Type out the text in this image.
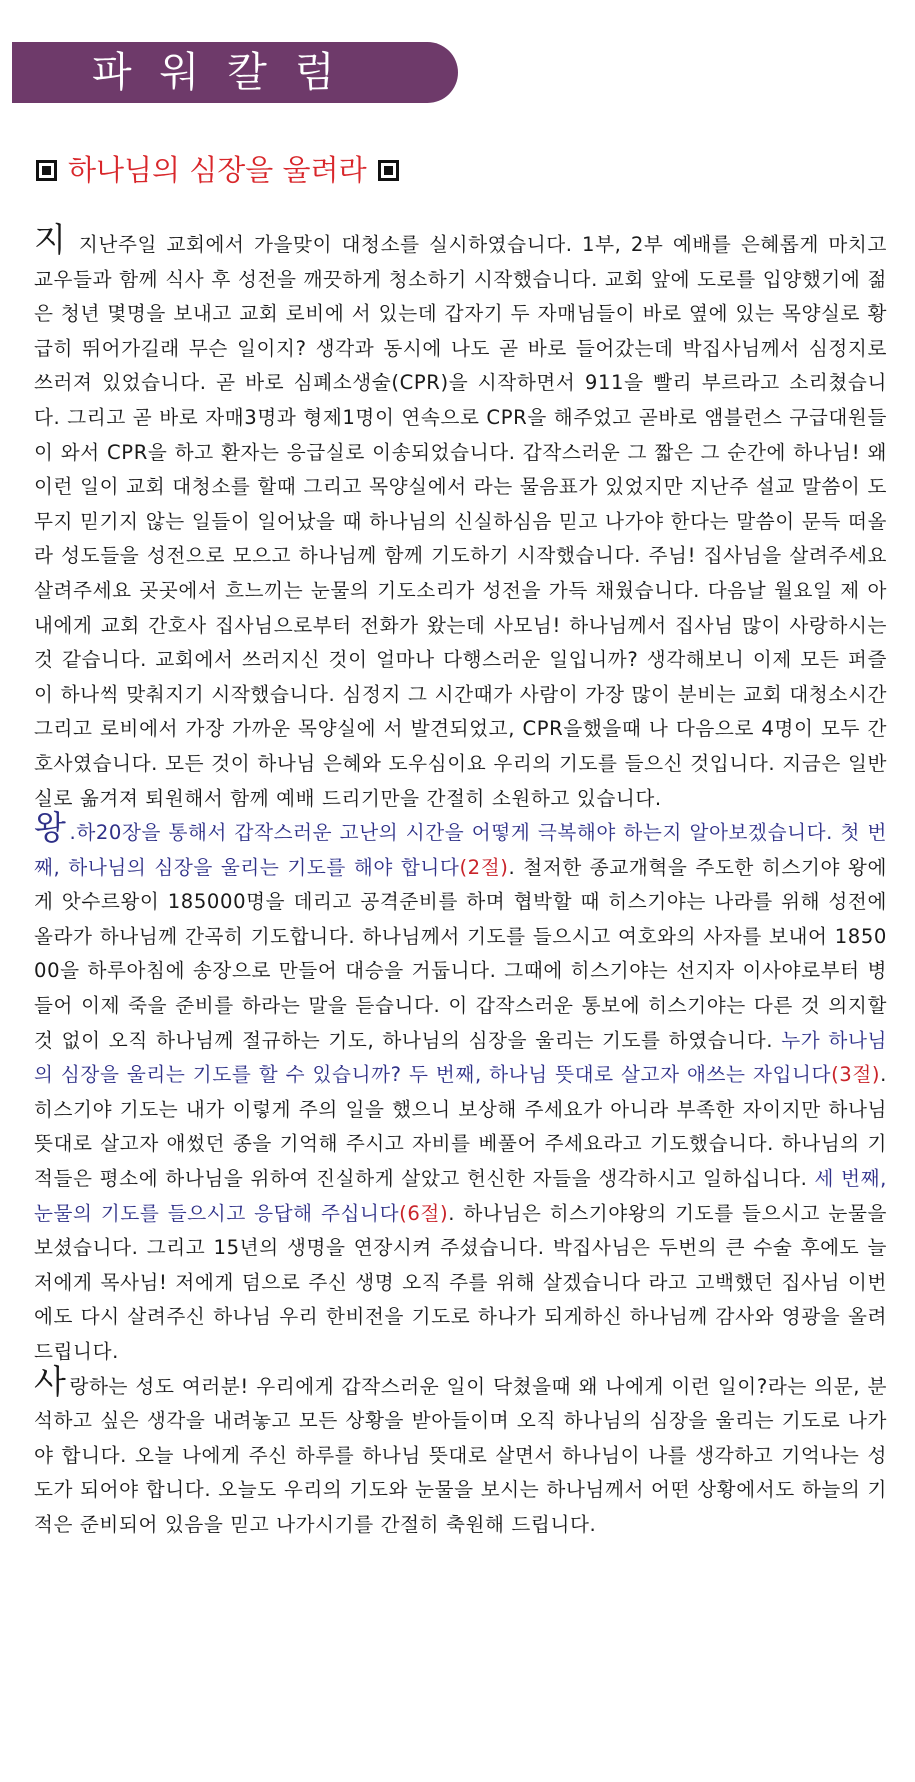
파워칼럼
하나님의 심장을 울려라

지 지난주일 교회에서 가을맞이 대청소를 실시하였습니다. 1부, 2부 예배를 은혜롭게 마치고 교우들과 함께 식사 후 성전을 깨끗하게 청소하기 시작했습니다. 교회 앞에 도로를 입양했기에 젊은 청년 몇명을 보내고 교회 로비에 서 있는데 갑자기 두 자매님들이 바로 옆에 있는 목양실로 황급히 뛰어가길래 무슨 일이지? 생각과 동시에 나도 곧 바로 들어갔는데 박집사님께서 심정지로 쓰러져 있었습니다. 곧 바로 심폐소생술(CPR)을 시작하면서 911을 빨리 부르라고 소리쳤습니다. 그리고 곧 바로 자매3명과 형제1명이 연속으로 CPR을 해주었고 곧바로 앰블런스 구급대원들이 와서 CPR을 하고 환자는 응급실로 이송되었습니다. 갑작스러운 그 짧은 그 순간에 하나님! 왜 이런 일이 교회 대청소를 할때 그리고 목양실에서 라는 물음표가 있었지만 지난주 설교 말씀이 도무지 믿기지 않는 일들이 일어났을 때 하나님의 신실하심음 믿고 나가야 한다는 말씀이 문득 떠올라 성도들을 성전으로 모으고 하나님께 함께 기도하기 시작했습니다. 주님! 집사님을 살려주세요 살려주세요 곳곳에서 흐느끼는 눈물의 기도소리가 성전을 가득 채웠습니다. 다음날 월요일 제 아내에게 교회 간호사 집사님으로부터 전화가 왔는데 사모님! 하나님께서 집사님 많이 사랑하시는것 같습니다. 교회에서 쓰러지신 것이 얼마나 다행스러운 일입니까? 생각해보니 이제 모든 퍼즐이 하나씩 맞춰지기 시작했습니다. 심정지 그 시간때가 사람이 가장 많이 분비는 교회 대청소시간 그리고 로비에서 가장 가까운 목양실에 서 발견되었고, CPR을했을때 나 다음으로 4명이 모두 간호사였습니다. 모든 것이 하나님 은혜와 도우심이요 우리의 기도를 들으신 것입니다. 지금은 일반실로 옮겨져 퇴원해서 함께 예배 드리기만을 간절히 소원하고 있습니다.

왕 .하20장을 통해서 갑작스러운 고난의 시간을 어떻게 극복해야 하는지 알아보겠습니다. 첫 번째, 하나님의 심장을 울리는 기도를 해야 합니다(2절). 철저한 종교개혁을 주도한 히스기야 왕에게 앗수르왕이 185000명을 데리고 공격준비를 하며 협박할 때 히스기야는 나라를 위해 성전에 올라가 하나님께 간곡히 기도합니다. 하나님께서 기도를 들으시고 여호와의 사자를 보내어 185000을 하루아침에 송장으로 만들어 대승을 거둡니다. 그때에 히스기야는 선지자 이사야로부터 병들어 이제 죽을 준비를 하라는 말을 듣습니다. 이 갑작스러운 통보에 히스기야는 다른 것 의지할 것 없이 오직 하나님께 절규하는 기도, 하나님의 심장을 울리는 기도를 하였습니다. 누가 하나님의 심장을 울리는 기도를 할 수 있습니까? 두 번째, 하나님 뜻대로 살고자 애쓰는 자입니다(3절). 히스기야 기도는 내가 이렇게 주의 일을 했으니 보상해 주세요가 아니라 부족한 자이지만 하나님 뜻대로 살고자 애썼던 종을 기억해 주시고 자비를 베풀어 주세요라고 기도했습니다. 하나님의 기적들은 평소에 하나님을 위하여 진실하게 살았고 헌신한 자들을 생각하시고 일하십니다. 세 번째, 눈물의 기도를 들으시고 응답해 주십니다(6절). 하나님은 히스기야왕의 기도를 들으시고 눈물을 보셨습니다. 그리고 15년의 생명을 연장시켜 주셨습니다. 박집사님은 두번의 큰 수술 후에도 늘 저에게 목사님! 저에게 덤으로 주신 생명 오직 주를 위해 살겠습니다 라고 고백했던 집사님 이번에도 다시 살려주신 하나님 우리 한비전을 기도로 하나가 되게하신 하나님께 감사와 영광을 올려 드립니다.

사랑하는 성도 여러분! 우리에게 갑작스러운 일이 닥쳤을때 왜 나에게 이런 일이?라는 의문, 분석하고 싶은 생각을 내려놓고 모든 상황을 받아들이며 오직 하나님의 심장을 울리는 기도로 나가야 합니다. 오늘 나에게 주신 하루를 하나님 뜻대로 살면서 하나님이 나를 생각하고 기억나는 성도가 되어야 합니다. 오늘도 우리의 기도와 눈물을 보시는 하나님께서 어떤 상황에서도 하늘의 기적은 준비되어 있음을 믿고 나가시기를 간절히 축원해 드립니다.
